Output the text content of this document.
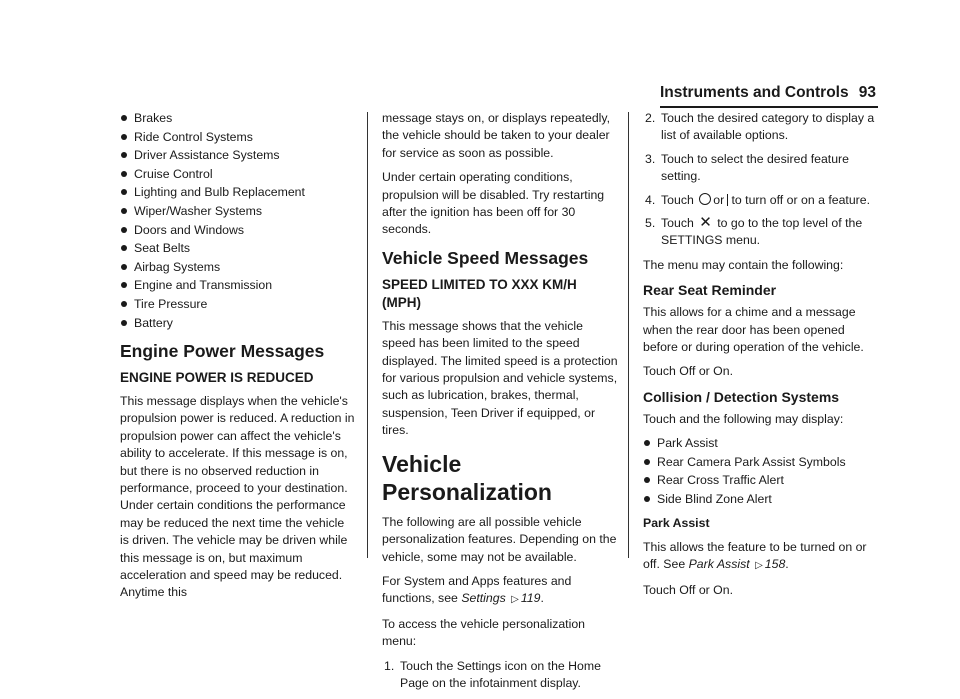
Instruments and Controls 93
Brakes
Ride Control Systems
Driver Assistance Systems
Cruise Control
Lighting and Bulb Replacement
Wiper/Washer Systems
Doors and Windows
Seat Belts
Airbag Systems
Engine and Transmission
Tire Pressure
Battery
Engine Power Messages
ENGINE POWER IS REDUCED

This message displays when the vehicle's propulsion power is reduced. A reduction in propulsion power can affect the vehicle's ability to accelerate. If this message is on, but there is no observed reduction in performance, proceed to your destination. Under certain conditions the performance may be reduced the next time the vehicle is driven. The vehicle may be driven while this message is on, but maximum acceleration and speed may be reduced. Anytime this

message stays on, or displays repeatedly, the vehicle should be taken to your dealer for service as soon as possible.

Under certain operating conditions, propulsion will be disabled. Try restarting after the ignition has been off for 30 seconds.

Vehicle Speed Messages
SPEED LIMITED TO XXX KM/H (MPH)

This message shows that the vehicle speed has been limited to the speed displayed. The limited speed is a protection for various propulsion and vehicle systems, such as lubrication, brakes, thermal, suspension, Teen Driver if equipped, or tires.

Vehicle Personalization

The following are all possible vehicle personalization features. Depending on the vehicle, some may not be available.

For System and Apps features and functions, see Settings ▷ 119.

To access the vehicle personalization menu:

1. Touch the Settings icon on the Home Page on the infotainment display.
2. Touch the desired category to display a list of available options.
3. Touch to select the desired feature setting.
4. Touch or to turn off or on a feature.
5. Touch ✕ to go to the top level of the SETTINGS menu.

The menu may contain the following:

Rear Seat Reminder

This allows for a chime and a message when the rear door has been opened before or during operation of the vehicle.

Touch Off or On.

Collision / Detection Systems

Touch and the following may display:

Park Assist
Rear Camera Park Assist Symbols
Rear Cross Traffic Alert
Side Blind Zone Alert

Park Assist

This allows the feature to be turned on or off. See Park Assist ▷ 158.

Touch Off or On.
